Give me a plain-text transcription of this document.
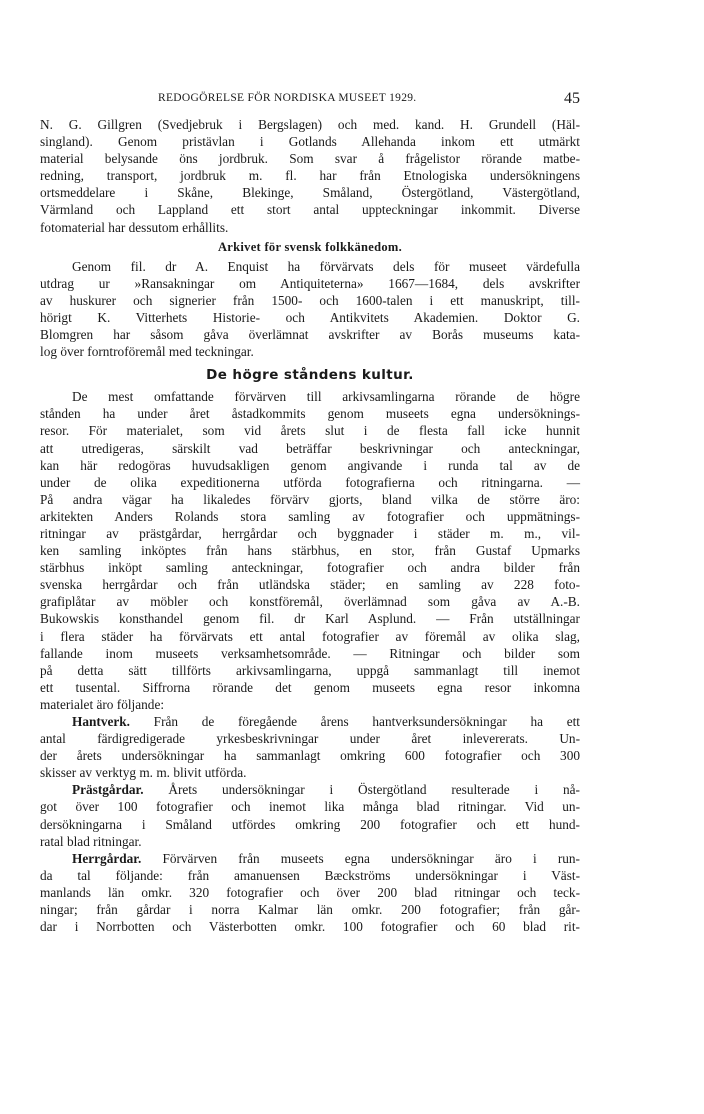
REDOGÖRELSE FÖR NORDISKA MUSEET 1929.	45
N. G. Gillgren (Svedjebruk i Bergslagen) och med. kand. H. Grundell (Häl-
singland). Genom pristävlan i Gotlands Allehanda inkom ett utmärkt
material belysande öns jordbruk. Som svar å frågelistor rörande matbe-
redning, transport, jordbruk m. fl. har från Etnologiska undersökningens
ortsmeddelare i Skåne, Blekinge, Småland, Östergötland, Västergötland,
Värmland och Lappland ett stort antal uppteckningar inkommit. Diverse
fotomaterial har dessutom erhållits.
Arkivet för svensk folkkänedom.
Genom fil. dr A. Enquist ha förvärvats dels för museet värdefulla
utdrag ur »Ransakningar om Antiquiteterna» 1667—1684, dels avskrifter
av huskurer och signerier från 1500- och 1600-talen i ett manuskript, till-
hörigt K. Vitterhets Historie- och Antikvitets Akademien. Doktor G.
Blomgren har såsom gåva överlämnat avskrifter av Borås museums kata-
log över forntroföremål med teckningar.
De högre ståndens kultur.
De mest omfattande förvärven till arkivsamlingarna rörande de högre
stånden ha under året åstadkommits genom museets egna undersöknings-
resor. För materialet, som vid årets slut i de flesta fall icke hunnit
att utredigeras, särskilt vad beträffar beskrivningar och anteckningar,
kan här redogöras huvudsakligen genom angivande i runda tal av de
under de olika expeditionerna utförda fotografierna och ritningarna. —
På andra vägar ha likaledes förvärv gjorts, bland vilka de större äro:
arkitekten Anders Rolands stora samling av fotografier och uppmätnings-
ritningar av prästgårdar, herrgårdar och byggnader i städer m. m., vil-
ken samling inköptes från hans stärbhus, en stor, från Gustaf Upmarks
stärbhus inköpt samling anteckningar, fotografier och andra bilder från
svenska herrgårdar och från utländska städer; en samling av 228 foto-
grafiplåtar av möbler och konstföremål, överlämnad som gåva av A.-B.
Bukowskis konsthandel genom fil. dr Karl Asplund. — Från utställningar
i flera städer ha förvärvats ett antal fotografier av föremål av olika slag,
fallande inom museets verksamhetsområde. — Ritningar och bilder som
på detta sätt tillförts arkivsamlingarna, uppgå sammanlagt till inemot
ett tusental. Siffrorna rörande det genom museets egna resor inkomna
materialet äro följande:
Hantverk. Från de föregående årens hantverksundersökningar ha ett
antal färdigredigerade yrkesbeskrivningar under året inlevererats. Un-
der årets undersökningar ha sammanlagt omkring 600 fotografier och 300
skisser av verktyg m. m. blivit utförda.
Prästgårdar. Årets undersökningar i Östergötland resulterade i nå-
got över 100 fotografier och inemot lika många blad ritningar. Vid un-
dersökningarna i Småland utfördes omkring 200 fotografier och ett hund-
ratal blad ritningar.
Herrgårdar. Förvärven från museets egna undersökningar äro i run-
da tal följande: från amanuensen Bæckströms undersökningar i Väst-
manlands län omkr. 320 fotografier och över 200 blad ritningar och teck-
ningar; från gårdar i norra Kalmar län omkr. 200 fotografier; från går-
dar i Norrbotten och Västerbotten omkr. 100 fotografier och 60 blad rit-
